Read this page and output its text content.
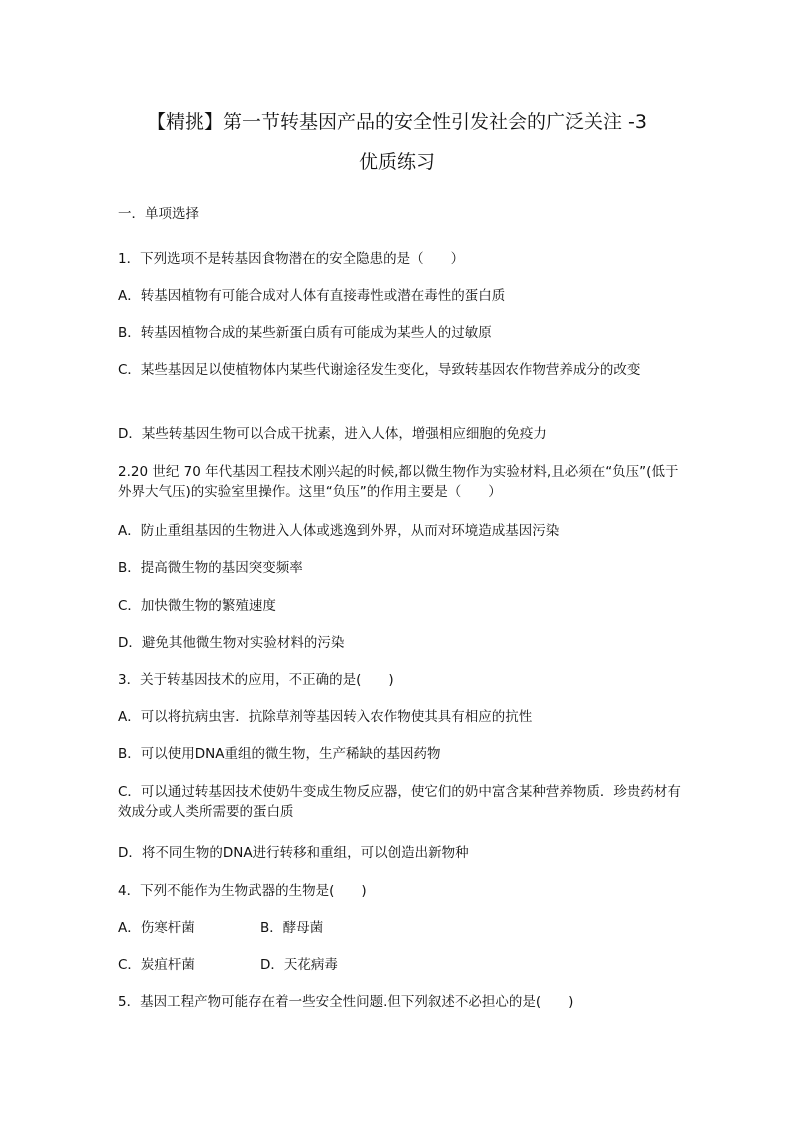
【精挑】第一节转基因产品的安全性引发社会的广泛关注 -3
优质练习
一．单项选择
1．下列选项不是转基因食物潜在的安全隐患的是（　　）
A．转基因植物有可能合成对人体有直接毒性或潜在毒性的蛋白质
B．转基因植物合成的某些新蛋白质有可能成为某些人的过敏原
C．某些基因足以使植物体内某些代谢途径发生变化，导致转基因农作物营养成分的改变
D．某些转基因生物可以合成干扰素，进入人体，增强相应细胞的免疫力
2.20 世纪 70 年代基因工程技术刚兴起的时候,都以微生物作为实验材料,且必须在“负压”(低于外界大气压)的实验室里操作。这里“负压”的作用主要是（　　）
A．防止重组基因的生物进入人体或逃逸到外界，从而对环境造成基因污染
B．提高微生物的基因突变频率
C．加快微生物的繁殖速度
D．避免其他微生物对实验材料的污染
3．关于转基因技术的应用，不正确的是(　　)
A．可以将抗病虫害．抗除草剂等基因转入农作物使其具有相应的抗性
B．可以使用DNA重组的微生物，生产稀缺的基因药物
C．可以通过转基因技术使奶牛变成生物反应器，使它们的奶中富含某种营养物质．珍贵药材有效成分或人类所需要的蛋白质
D．将不同生物的DNA进行转移和重组，可以创造出新物种
4．下列不能作为生物武器的生物是(　　)
A．伤寒杆菌	B．酵母菌
C．炭疽杆菌	D．天花病毒
5．基因工程产物可能存在着一些安全性问题.但下列叙述不必担心的是(　　)
